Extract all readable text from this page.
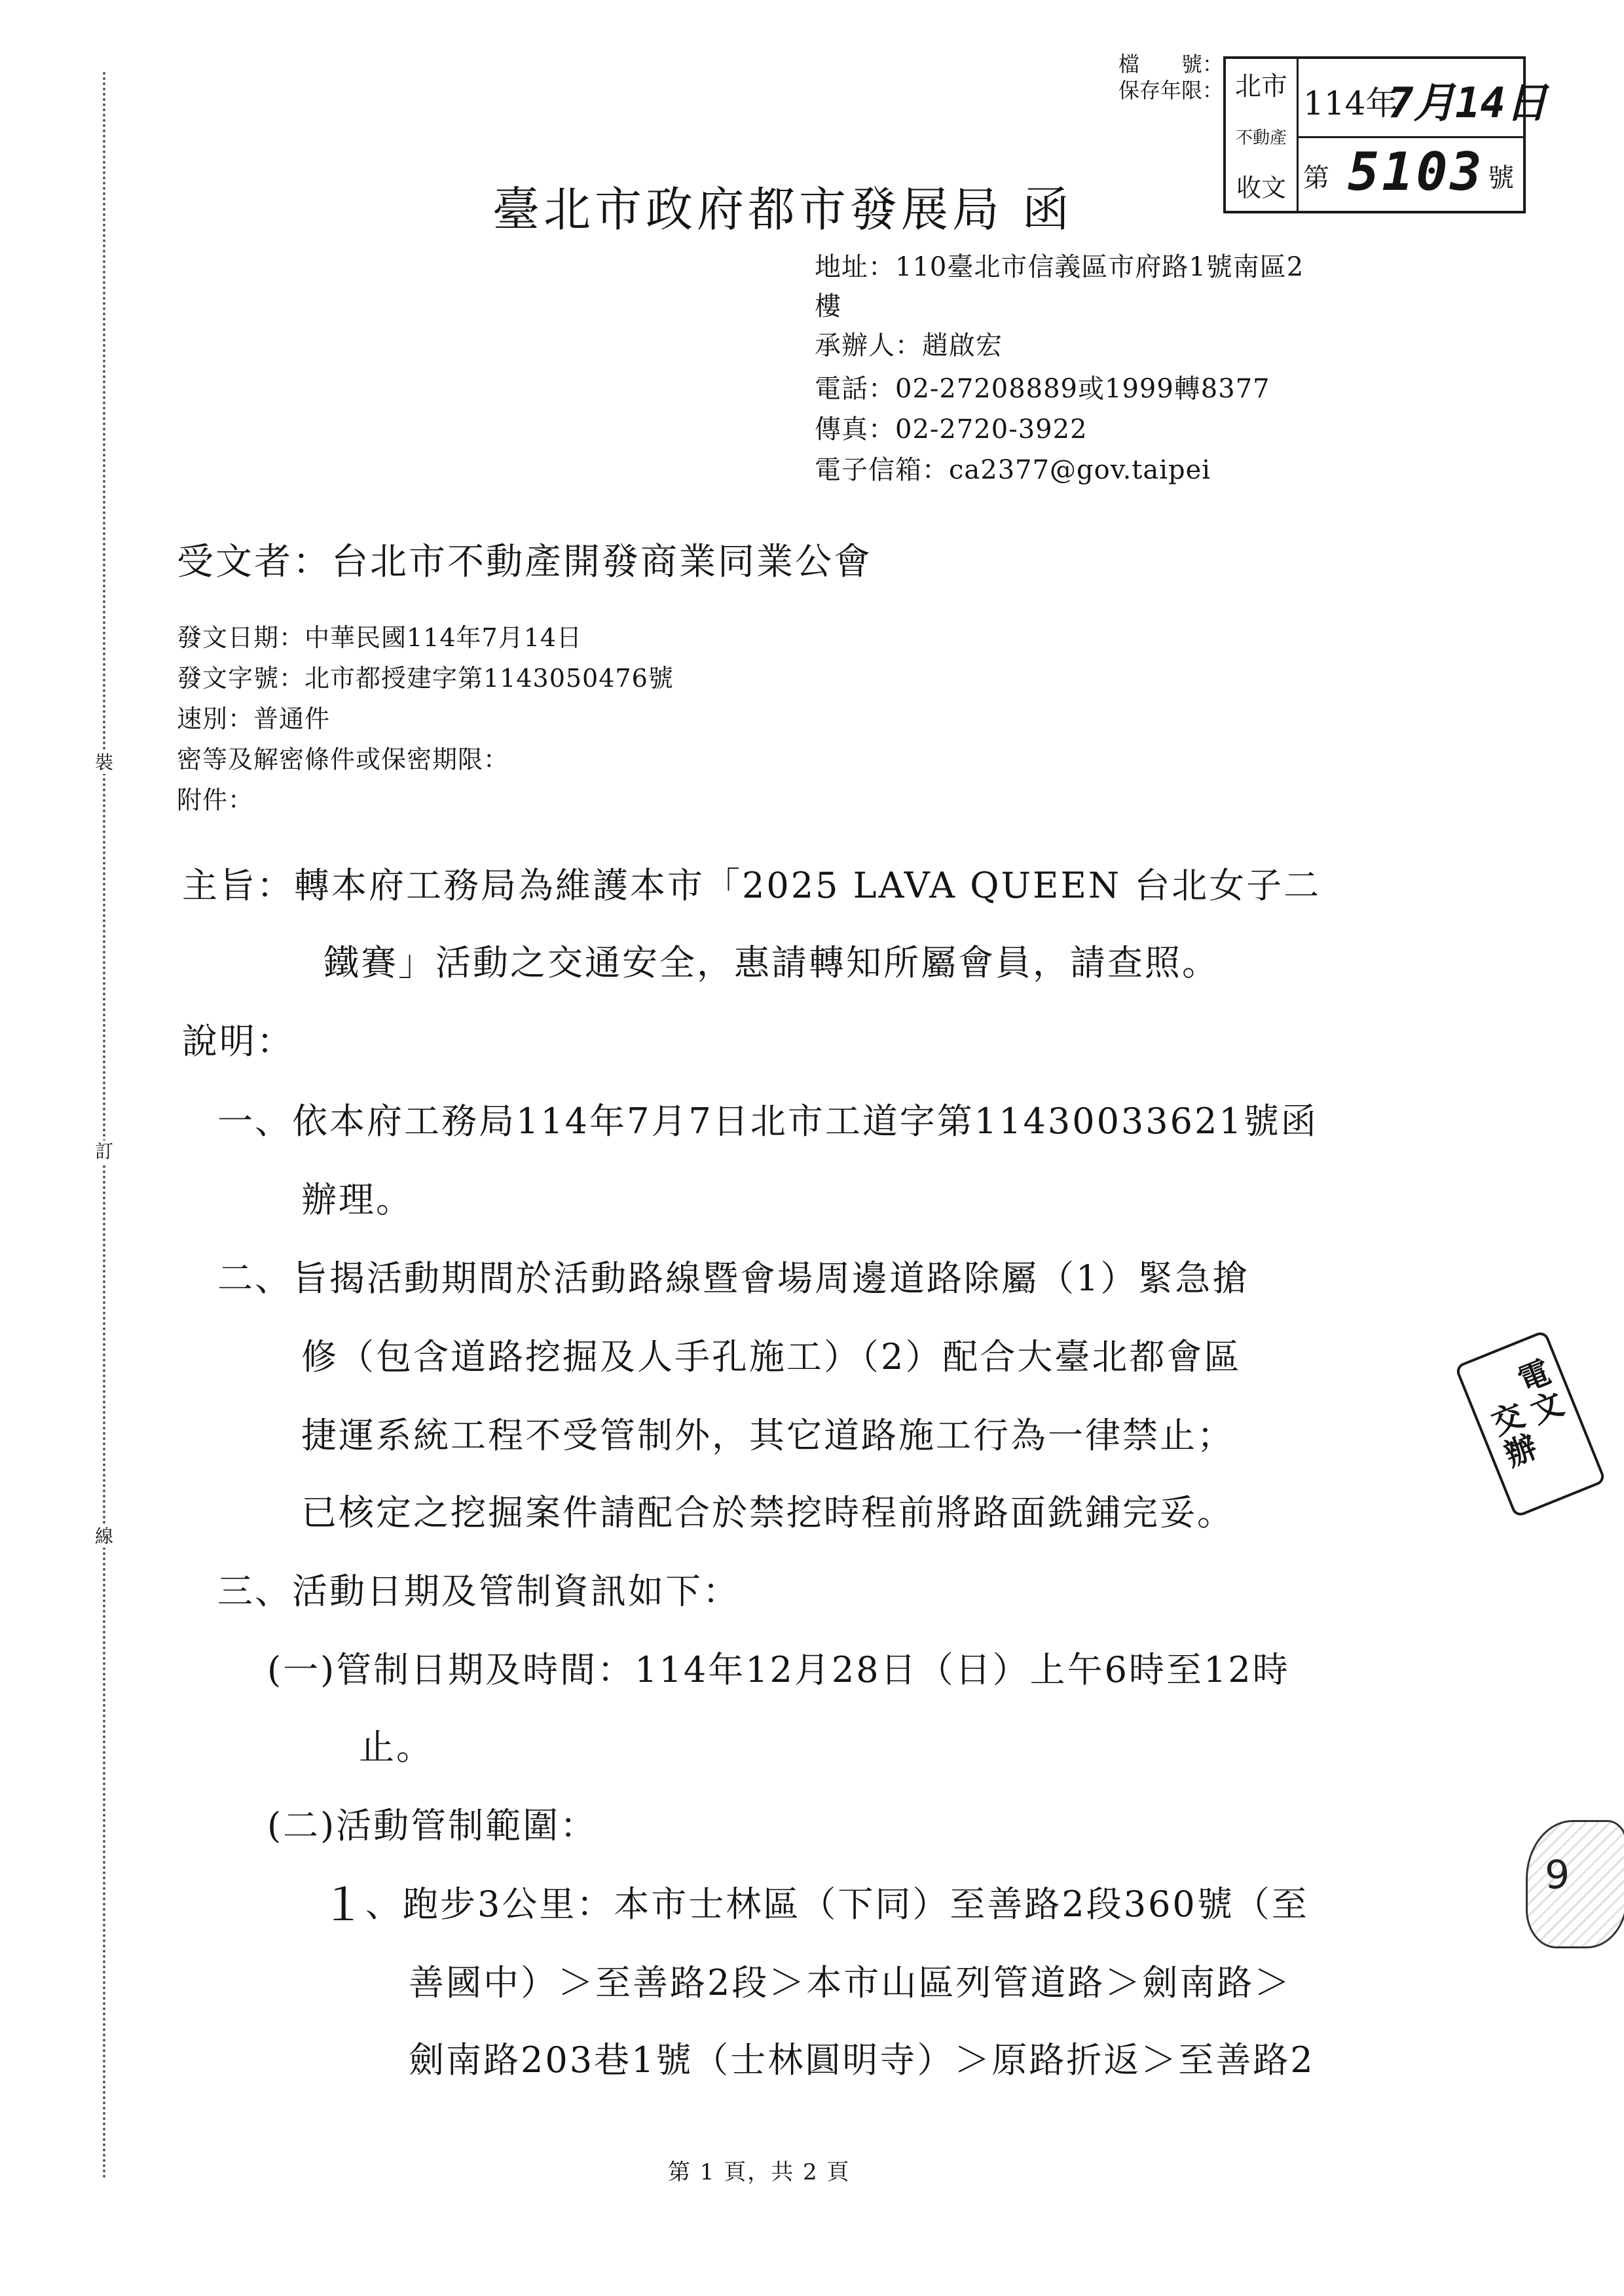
裝
訂
線
檔　　號：
保存年限： 北市
不動產
收文
114年
7月 14日
第 5103 號
臺北市政府都市發展局 函
地址：110臺北市信義區市府路1號南區2
樓
承辦人：趙啟宏
電話：02-27208889或1999轉8377
傳真：02-2720-3922
電子信箱：ca2377@gov.taipei
受文者：台北市不動產開發商業同業公會
發文日期：中華民國114年7月14日
發文字號：北市都授建字第1143050476號
速別：普通件
密等及解密條件或保密期限：
附件：
主旨：轉本府工務局為維護本市「2025 LAVA QUEEN 台北女子二
鐵賽」活動之交通安全，惠請轉知所屬會員，請查照。
說明：
一、依本府工務局114年7月7日北市工道字第11430033621號函
辦理。
二、旨揭活動期間於活動路線暨會場周邊道路除屬（1）緊急搶
修（包含道路挖掘及人手孔施工）（2）配合大臺北都會區
捷運系統工程不受管制外，其它道路施工行為一律禁止；
已核定之挖掘案件請配合於禁挖時程前將路面銑鋪完妥。
三、活動日期及管制資訊如下：
(一)管制日期及時間：114年12月28日（日）上午6時至12時
止。
(二)活動管制範圍：
１
、跑步3公里：本市士林區（下同）至善路2段360號（至
善國中）＞至善路2段＞本市山區列管道路＞劍南路＞
劍南路203巷1號（士林圓明寺）＞原路折返＞至善路2
電文
交辦
9
第 1 頁，共 2 頁
